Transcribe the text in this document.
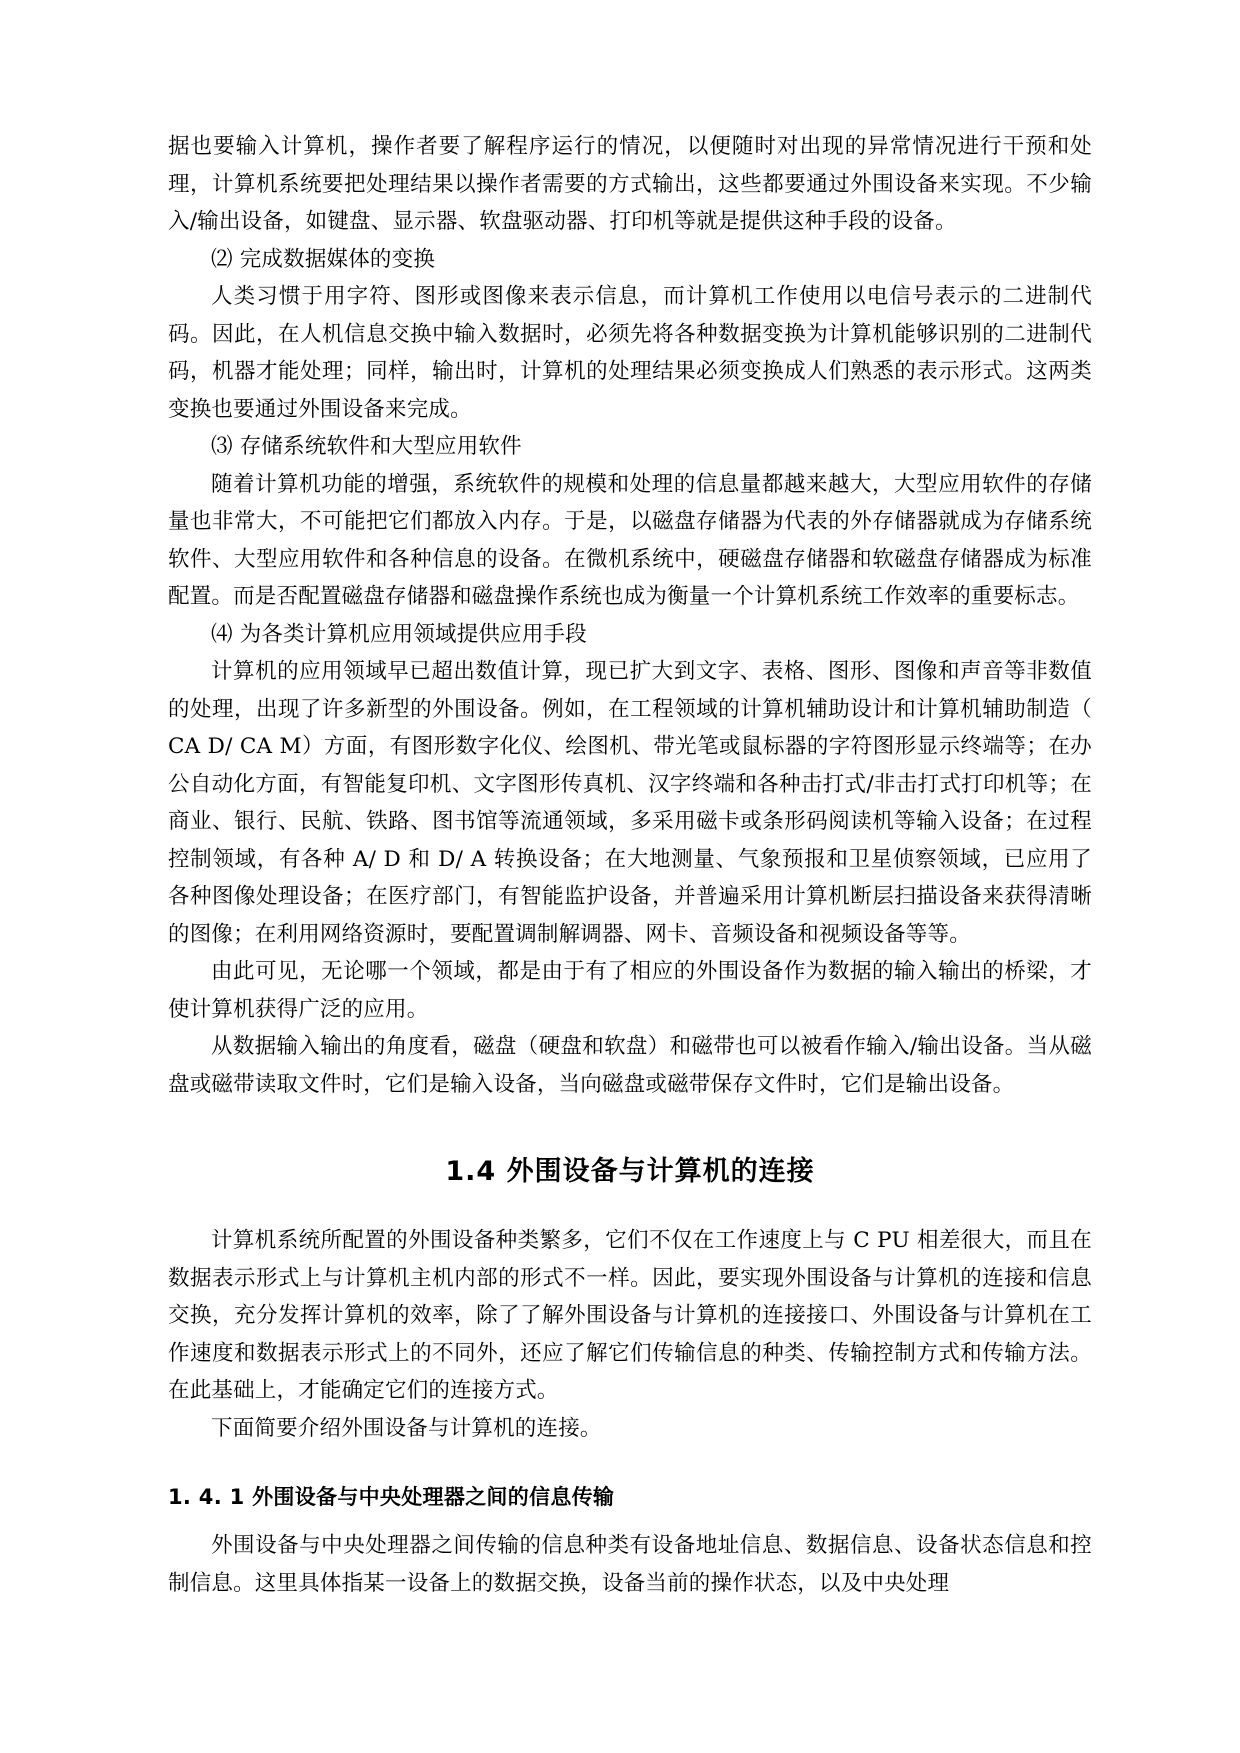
据也要输入计算机，操作者要了解程序运行的情况，以便随时对出现的异常情况进行干预和处理，计算机系统要把处理结果以操作者需要的方式输出，这些都要通过外围设备来实现。不少输入/输出设备，如键盘、显示器、软盘驱动器、打印机等就是提供这种手段的设备。

⑵ 完成数据媒体的变换

人类习惯于用字符、图形或图像来表示信息，而计算机工作使用以电信号表示的二进制代码。因此，在人机信息交换中输入数据时，必须先将各种数据变换为计算机能够识别的二进制代码，机器才能处理；同样，输出时，计算机的处理结果必须变换成人们熟悉的表示形式。这两类变换也要通过外围设备来完成。

⑶ 存储系统软件和大型应用软件

随着计算机功能的增强，系统软件的规模和处理的信息量都越来越大，大型应用软件的存储量也非常大，不可能把它们都放入内存。于是，以磁盘存储器为代表的外存储器就成为存储系统软件、大型应用软件和各种信息的设备。在微机系统中，硬磁盘存储器和软磁盘存储器成为标准配置。而是否配置磁盘存储器和磁盘操作系统也成为衡量一个计算机系统工作效率的重要标志。

⑷ 为各类计算机应用领域提供应用手段

计算机的应用领域早已超出数值计算，现已扩大到文字、表格、图形、图像和声音等非数值的处理，出现了许多新型的外围设备。例如，在工程领域的计算机辅助设计和计算机辅助制造（ CA D/ CA M）方面，有图形数字化仪、绘图机、带光笔或鼠标器的字符图形显示终端等；在办公自动化方面，有智能复印机、文字图形传真机、汉字终端和各种击打式/非击打式打印机等；在商业、银行、民航、铁路、图书馆等流通领域，多采用磁卡或条形码阅读机等输入设备；在过程控制领域，有各种 A/ D 和 D/ A 转换设备；在大地测量、气象预报和卫星侦察领域，已应用了各种图像处理设备；在医疗部门，有智能监护设备，并普遍采用计算机断层扫描设备来获得清晰的图像；在利用网络资源时，要配置调制解调器、网卡、音频设备和视频设备等等。

由此可见，无论哪一个领域，都是由于有了相应的外围设备作为数据的输入输出的桥梁，才使计算机获得广泛的应用。

从数据输入输出的角度看，磁盘（硬盘和软盘）和磁带也可以被看作输入/输出设备。当从磁盘或磁带读取文件时，它们是输入设备，当向磁盘或磁带保存文件时，它们是输出设备。

1.4 外围设备与计算机的连接

计算机系统所配置的外围设备种类繁多，它们不仅在工作速度上与 C PU 相差很大，而且在数据表示形式上与计算机主机内部的形式不一样。因此，要实现外围设备与计算机的连接和信息交换，充分发挥计算机的效率，除了了解外围设备与计算机的连接接口、外围设备与计算机在工作速度和数据表示形式上的不同外，还应了解它们传输信息的种类、传输控制方式和传输方法。在此基础上，才能确定它们的连接方式。

下面简要介绍外围设备与计算机的连接。

1. 4. 1 外围设备与中央处理器之间的信息传输

外围设备与中央处理器之间传输的信息种类有设备地址信息、数据信息、设备状态信息和控制信息。这里具体指某一设备上的数据交换，设备当前的操作状态，以及中央处理
